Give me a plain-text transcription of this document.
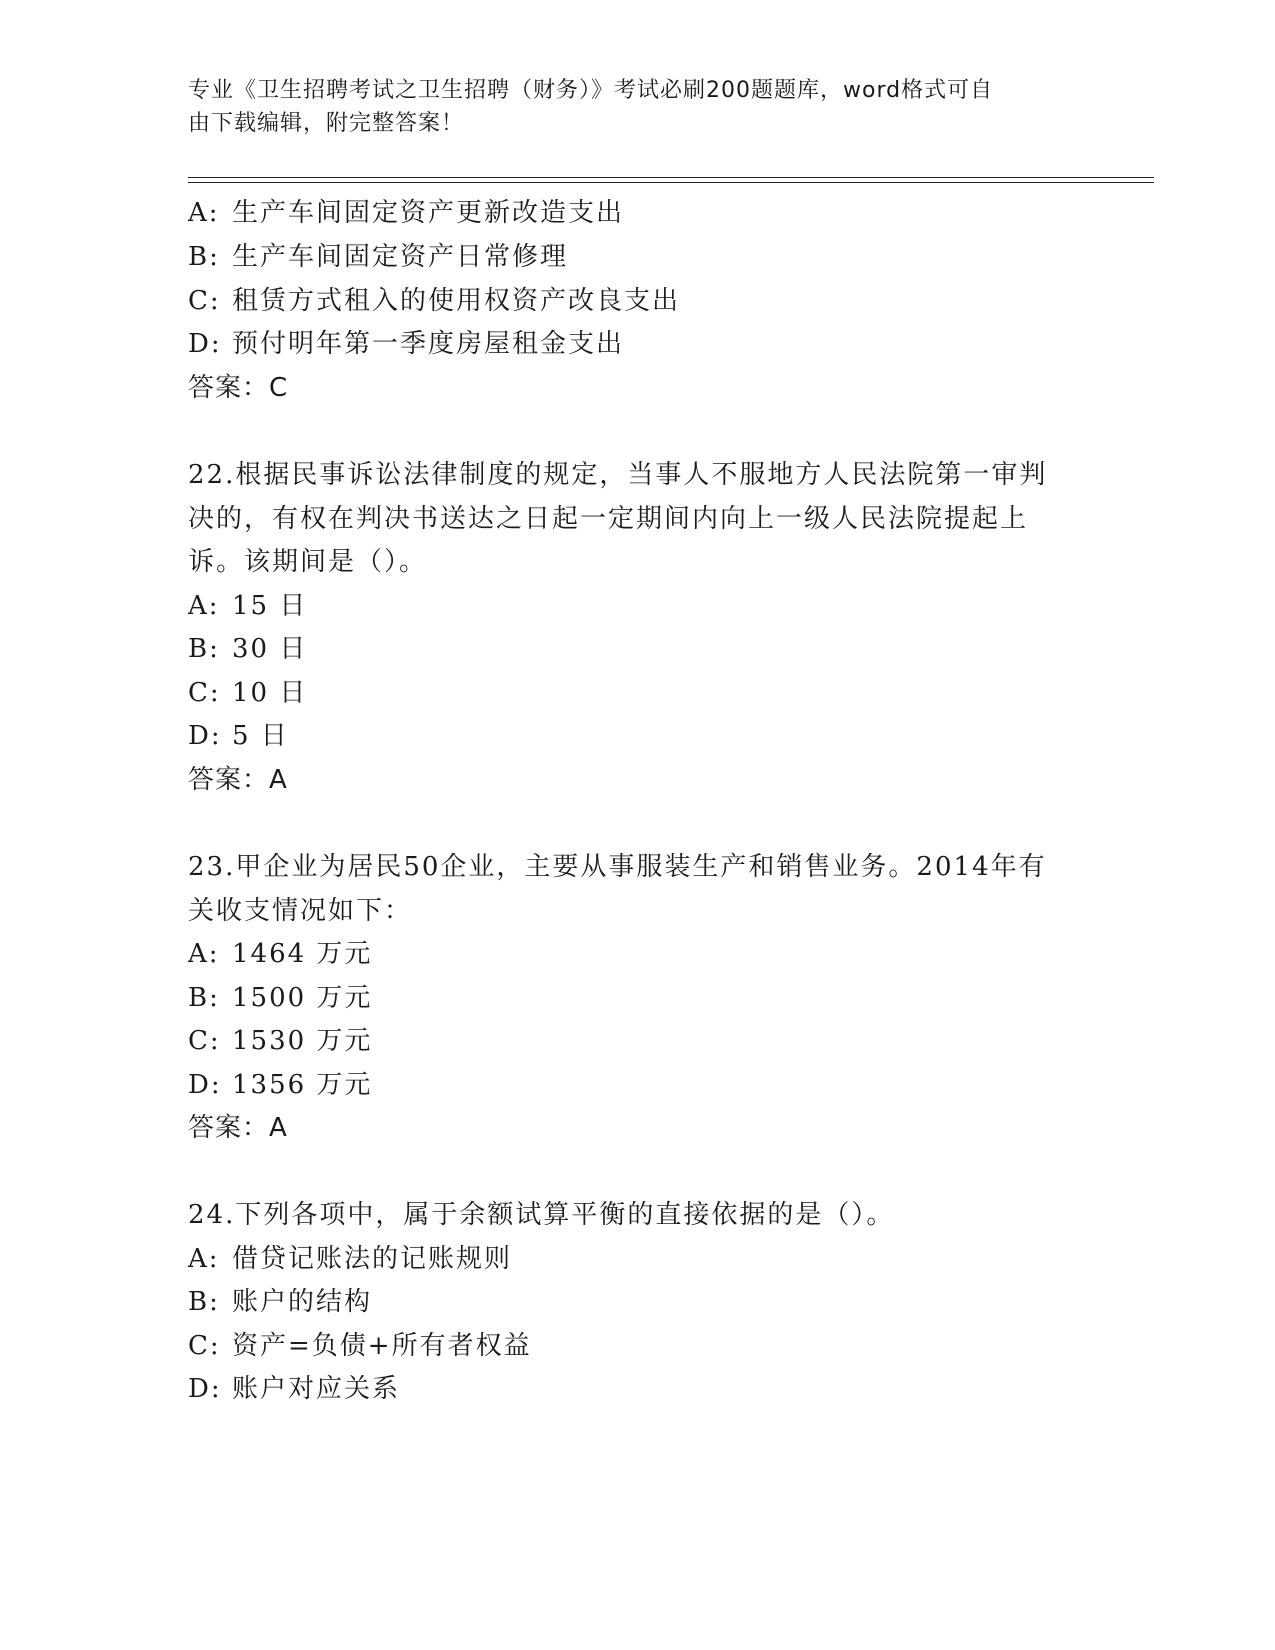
专业《卫生招聘考试之卫生招聘（财务）》考试必刷200题题库，word格式可自
由下载编辑，附完整答案！
A: 生产车间固定资产更新改造支出
B: 生产车间固定资产日常修理
C: 租赁方式租入的使用权资产改良支出
D: 预付明年第一季度房屋租金支出
答案：C
22.根据民事诉讼法律制度的规定，当事人不服地方人民法院第一审判
决的，有权在判决书送达之日起一定期间内向上一级人民法院提起上
诉。该期间是（）。
A: 15 日
B: 30 日
C: 10 日
D: 5 日
答案：A
23.甲企业为居民50企业，主要从事服装生产和销售业务。2014年有
关收支情况如下：
A: 1464 万元
B: 1500 万元
C: 1530 万元
D: 1356 万元
答案：A
24.下列各项中，属于余额试算平衡的直接依据的是（）。
A: 借贷记账法的记账规则
B: 账户的结构
C: 资产=负债+所有者权益
D: 账户对应关系
